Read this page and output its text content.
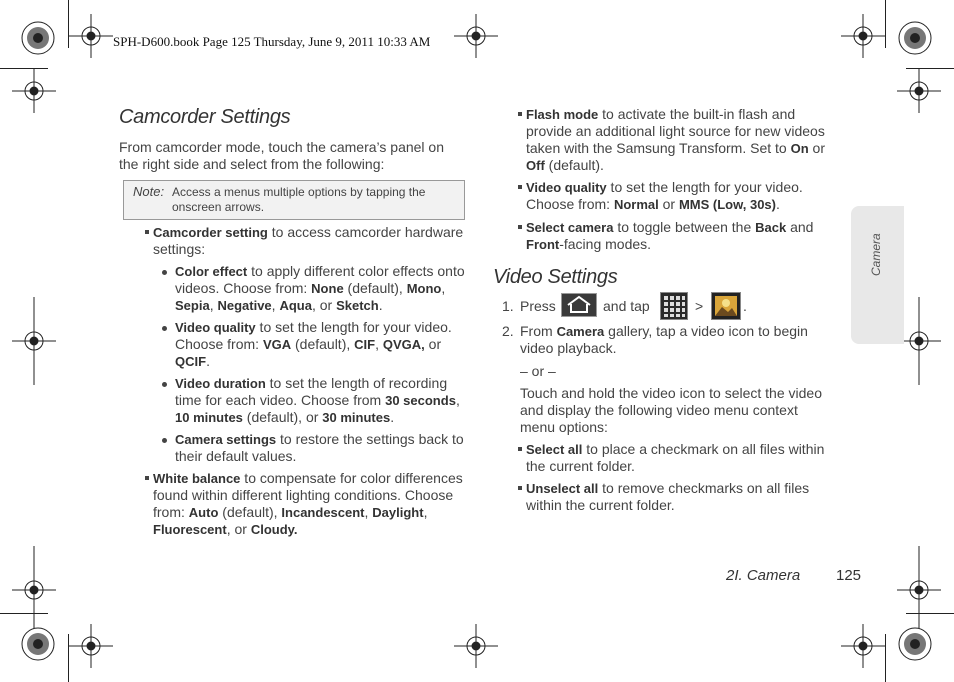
SPH-D600.book Page 125 Thursday, June 9, 2011 10:33 AM
Camera
Camcorder Settings
From camcorder mode, touch the camera’s panel on
the right side and select from the following:
Note: Access a menus multiple options by tapping the
onscreen arrows.
Camcorder setting to access camcorder hardware
settings:
Color effect to apply different color effects onto
videos. Choose from: None (default), Mono,
Sepia, Negative, Aqua, or Sketch.
Video quality to set the length for your video.
Choose from: VGA (default), CIF, QVGA, or
QCIF.
Video duration to set the length of recording
time for each video. Choose from 30 seconds,
10 minutes (default), or 30 minutes.
Camera settings to restore the settings back to
their default values.
White balance to compensate for color differences
found within different lighting conditions. Choose
from: Auto (default), Incandescent, Daylight,
Fluorescent, or Cloudy.
Flash mode to activate the built-in flash and
provide an additional light source for new videos
taken with the Samsung Transform. Set to On or
Off (default).
Video quality to set the length for your video.
Choose from: Normal or MMS (Low, 30s).
Select camera to toggle between the Back and
Front-facing modes.
Video Settings
1. Press	and tap	>	.
2. From Camera gallery, tap a video icon to begin
video playback.
– or –
Touch and hold the video icon to select the video
and display the following video menu context
menu options:
Select all to place a checkmark on all files within
the current folder.
Unselect all to remove checkmarks on all files
within the current folder.
2I. Camera 125
